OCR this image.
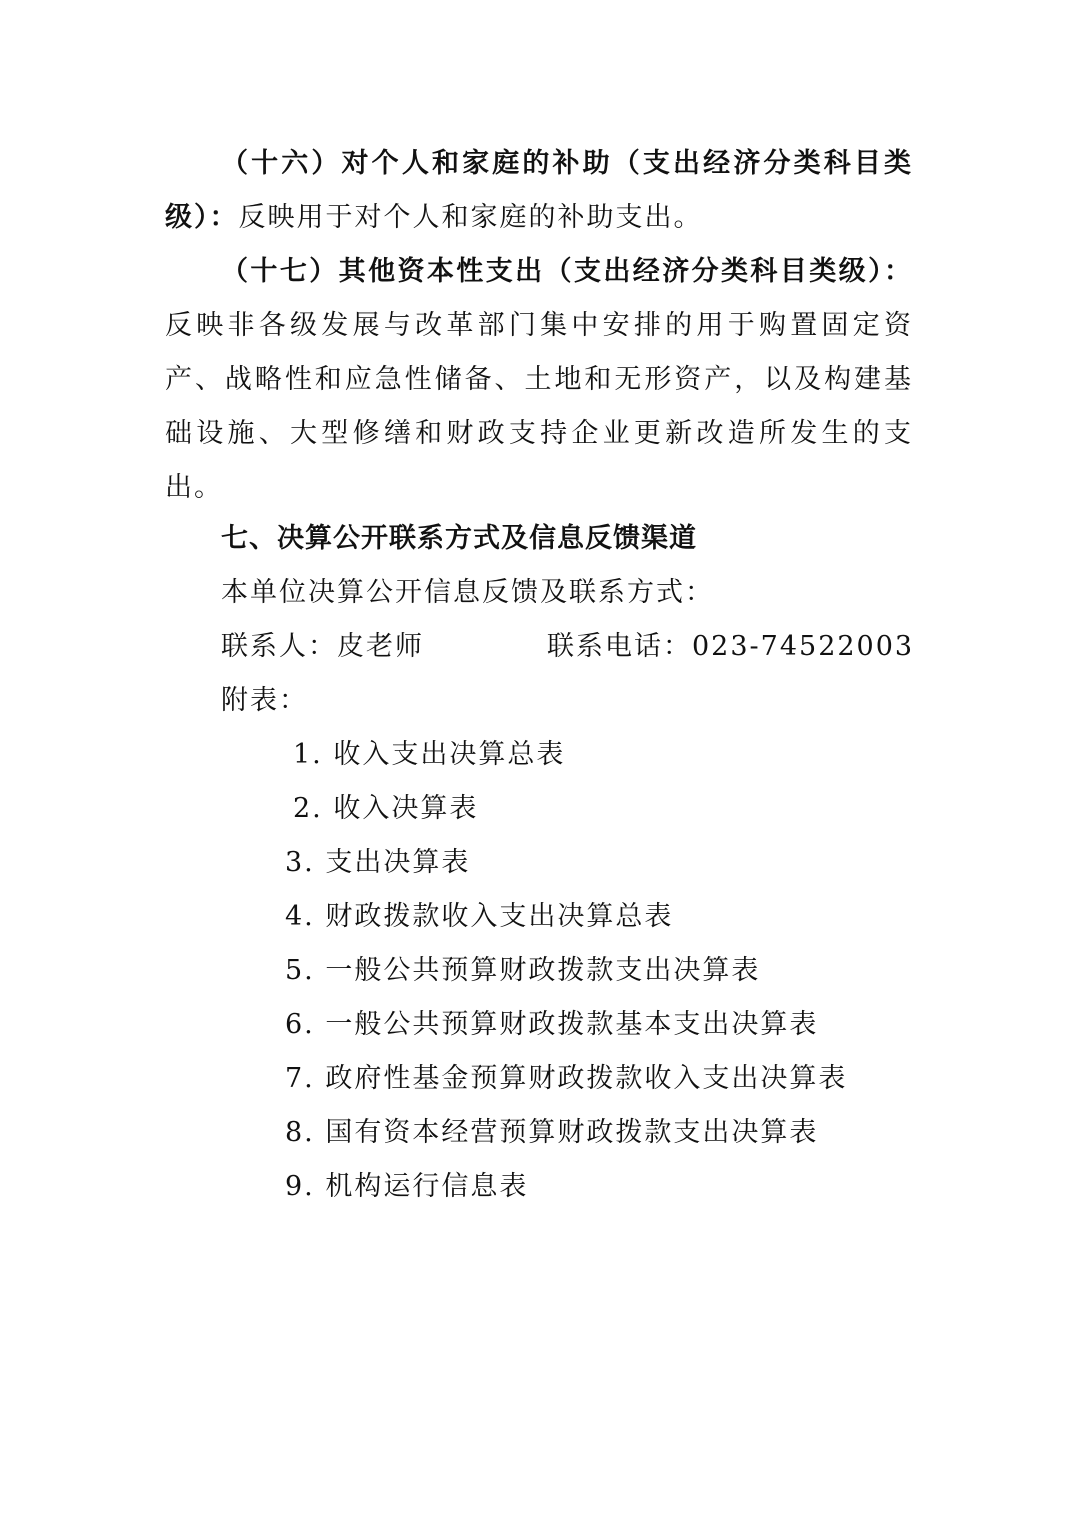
（十六）对个人和家庭的补助（支出经济分类科目类级）：反映用于对个人和家庭的补助支出。

（十七）其他资本性支出（支出经济分类科目类级）：反映非各级发展与改革部门集中安排的用于购置固定资产、战略性和应急性储备、土地和无形资产，以及构建基础设施、大型修缮和财政支持企业更新改造所发生的支出。

七、决算公开联系方式及信息反馈渠道

本单位决算公开信息反馈及联系方式：

联系人：皮老师	联系电话：023-74522003

附表：

1. 收入支出决算总表
2. 收入决算表
3. 支出决算表
4. 财政拨款收入支出决算总表
5. 一般公共预算财政拨款支出决算表
6. 一般公共预算财政拨款基本支出决算表
7. 政府性基金预算财政拨款收入支出决算表
8. 国有资本经营预算财政拨款支出决算表
9. 机构运行信息表
